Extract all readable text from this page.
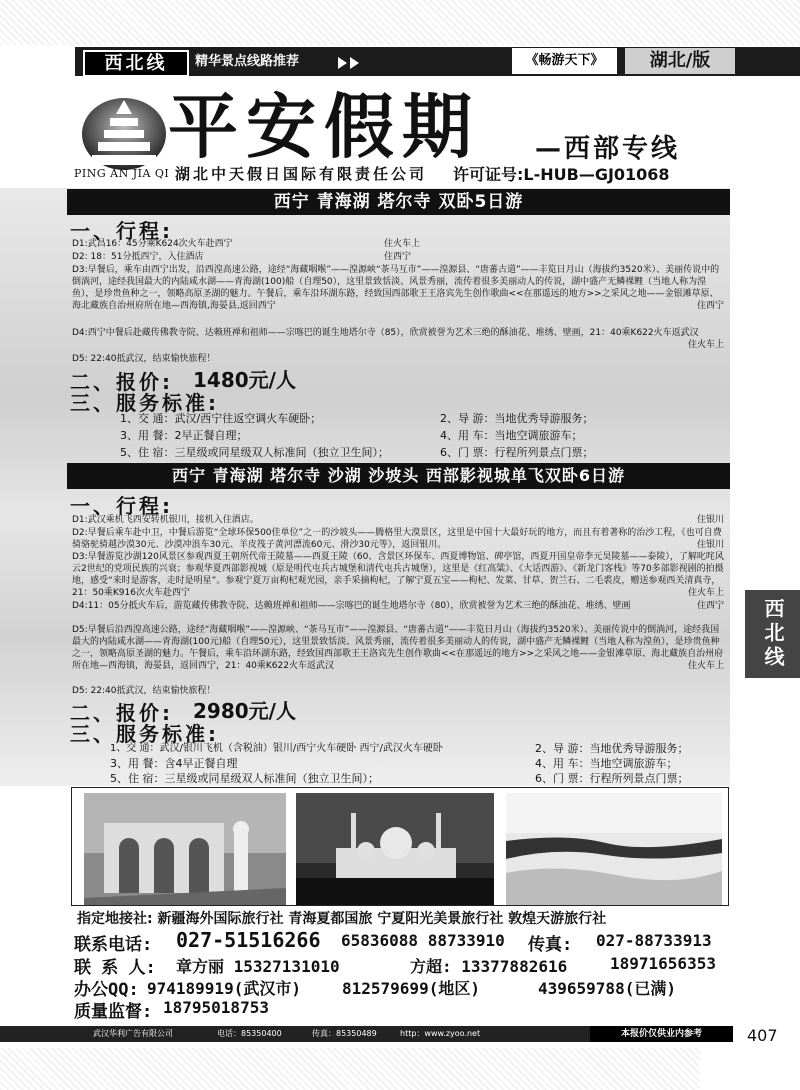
西北线	精华景点线路推荐	《畅游天下》	湖北/版
PING AN JIA QI
平安假期 —西部专线
湖北中天假日国际有限责任公司 许可证号:L-HUB—GJ01068
西宁 青海湖 塔尔寺 双卧5日游
一、行程:
D1:武昌16：45分乘K624次火车赴西宁	住火车上
D2: 18：51分抵西宁，入住酒店	住西宁
D3:早餐后，乘车由西宁出发，沿西湟高速公路，途经“海藏咽喉”——湟源峡“茶马互市”——湟源县、“唐蕃古道”——丰览日月山（海拔约3520米）、美丽传说中的倒淌河，途经我国最大的内陆咸水湖——青海湖(100)船（自理50），这里景致恬淡、风景秀丽，流传着很多美丽动人的传说，湖中盛产无鳞裸鲤（当地人称为湟鱼），是珍贵鱼种之一，领略高原圣湖的魅力。午餐后，乘车沿环湖东路，经致国西部歌王王洛宾先生创作歌曲<<在那遥远的地方>>之采风之地——金银滩草原、海北藏族自治州府所在地—西海镇,海晏县,返回西宁	住西宁
D4:西宁中餐后赴藏传佛教寺院、达赖班禅和祖师——宗喀巴的诞生地塔尔寺（85），欣赏被誉为艺术三绝的酥油花、堆绣、壁画，21：40乘K622火车返武汉
住火车上
D5: 22:40抵武汉，结束愉快旅程！
二、报价: 1480元/人
三、服务标准:
1、交 通：武汉/西宁往返空调火车硬卧；	2、导 游：当地优秀导游服务；
3、用 餐：2早正餐自理；	4、用 车：当地空调旅游车；
5、住 宿：三星级或同星级双人标准间（独立卫生间）；	6、门 票：行程所列景点门票；
西宁 青海湖 塔尔寺 沙湖 沙坡头 西部影视城单飞双卧6日游
一、行程:
D1:武汉乘机飞西安转机银川，接机入住酒店。	住银川
D2:早餐后乘车赴中卫，中餐后游览“全球环保500佳单位”之一的沙坡头——腾格里大漠景区，这里是中国十大最好玩的地方，而且有着著称的治沙工程，《也可自费骑骆驼骑越沙漠30元、沙漠冲浪车30元、羊皮筏子黄河漂流60元、滑沙30元等》，返回银川。	住银川
D3:早餐游览沙湖120风景区参观西夏王朝所代帝王陵墓——西夏王陵（60、含景区环保车、西夏博物馆、碑亭馆，西夏开国皇帝李元昊陵墓——泰陵），了解叱咤风云2世纪的党项民族的兴衰；参观华夏西部影视城（原是明代屯兵古城堡和清代屯兵古城堡），这里是《红高粱》、《大话西游》、《新龙门客栈》等70多部影视剧的拍摄地，感受“来时是游客，走时是明星”。参观宁夏万亩枸杞观光园，亲手采摘枸杞，了解宁夏五宝——枸杞、发菜、甘草、贺兰石、二毛裘皮，赠送参观西关清真寺，21：50乘K916次火车赴西宁	住火车上
D4:11：05分抵火车后，游览藏传佛教寺院、达赖班禅和祖师——宗喀巴的诞生地塔尔寺（80），欣赏被誉为艺术三绝的酥油花、堆绣、壁画	住西宁
D5:早餐后沿西湟高速公路，途经“海藏咽喉”——湟源峡、“茶马互市”——湟源县、“唐蕃古道”——丰览日月山（海拔约3520米）、美丽传说中的倒淌河，途经我国最大的内陆咸水湖——青海湖(100元)船（自理50元），这里景致恬淡、风景秀丽，流传着很多美丽动人的传说，湖中盛产无鳞裸鲤（当地人称为湟鱼），是珍贵鱼种之一，领略高原圣湖的魅力。午餐后，乘车沿环湖东路，经致国西部歌王王洛宾先生创作歌曲<<在那遥远的地方>>之采风之地——金银滩草原、海北藏族自治州府所在地—西海镇，海晏县，返回西宁，21：40乘K622火车返武汉	住火车上
D5: 22:40抵武汉，结束愉快旅程！
二、报价: 2980元/人
三、服务标准:
1、交 通：武汉/银川飞机（含税油）银川/西宁火车硬卧 西宁/武汉火车硬卧	2、导 游：当地优秀导游服务；
3、用 餐：含4早正餐自理	4、用 车：当地空调旅游车；
5、住 宿：三星级或同星级双人标准间（独立卫生间）；	6、门 票：行程所列景点门票；
西北线
指定地接社: 新疆海外国际旅行社 青海夏都国旅 宁夏阳光美景旅行社 敦煌天游旅行社
联系电话: 027-51516266 65836088 88733910 传真: 027-88733913
联 系 人: 章方丽 15327131010	方超: 13377882616	18971656353
办公QQ: 974189919(武汉市)	812579699(地区)	439659788(已满)
质量监督: 18795018753
武汉华利广告有限公司	电话：85350400	传真：85350489	http：www.zyoo.net	本报价仅供业内参考	407
